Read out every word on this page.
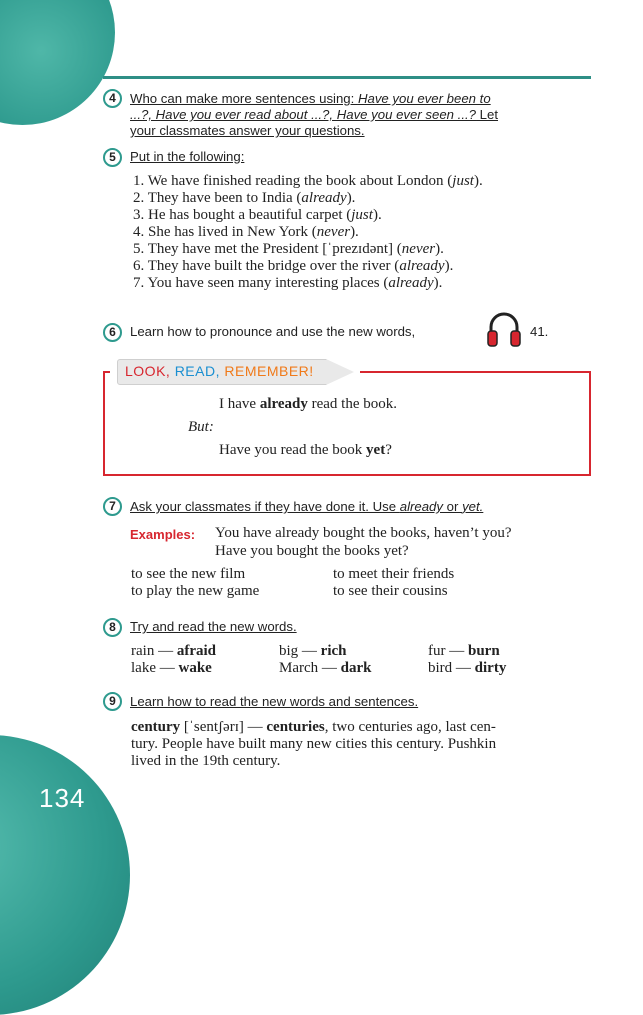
134
4	Who can make more sentences using: Have you ever been to
...?, Have you ever read about ...?, Have you ever seen ...? Let
your classmates answer your questions.
5	Put in the following:
1. We have finished reading the book about London (just).
2. They have been to India (already).
3. He has bought a beautiful carpet (just).
4. She has lived in New York (never).
5. They have met the President [ˈprezɪdənt] (never).
6. They have built the bridge over the river (already).
7. You have seen many interesting places (already).
6	Learn how to pronounce and use the new words,	41.
LOOK, READ, REMEMBER!
I have already read the book.
But:
Have you read the book yet?
7	Ask your classmates if they have done it. Use already or yet.
Examples: You have already bought the books, haven’t you?
Have you bought the books yet?
to see the new film	to meet their friends
to play the new game	to see their cousins
8	Try and read the new words.
rain — afraid	big — rich	fur — burn
lake — wake	March — dark	bird — dirty
9	Learn how to read the new words and sentences.
century [ˈsentʃərɪ] — centuries, two centuries ago, last cen-
tury. People have built many new cities this century. Pushkin
lived in the 19th century.
